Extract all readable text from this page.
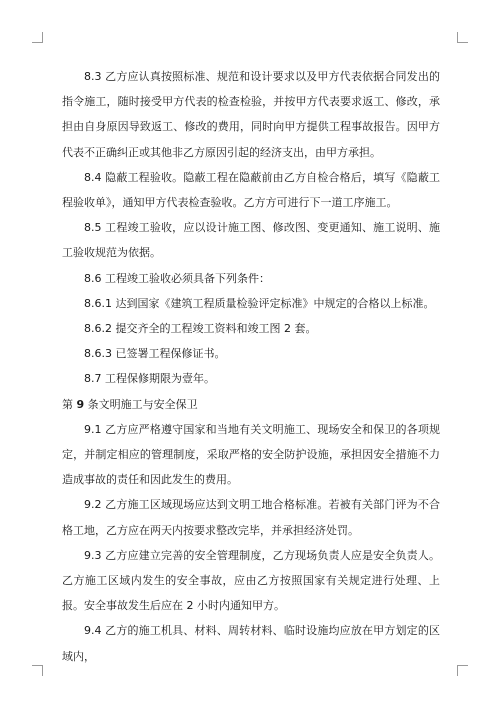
8.3 乙方应认真按照标准、规范和设计要求以及甲方代表依据合同发出的指令施工，随时接受甲方代表的检查检验，并按甲方代表要求返工、修改，承担由自身原因导致返工、修改的费用，同时向甲方提供工程事故报告。因甲方代表不正确纠正或其他非乙方原因引起的经济支出，由甲方承担。

8.4 隐蔽工程验收。隐蔽工程在隐蔽前由乙方自检合格后，填写《隐蔽工程验收单》，通知甲方代表检查验收。乙方方可进行下一道工序施工。

8.5 工程竣工验收，应以设计施工图、修改图、变更通知、施工说明、施工验收规范为依据。

8.6 工程竣工验收必须具备下列条件：

8.6.1 达到国家《建筑工程质量检验评定标准》中规定的合格以上标准。

8.6.2 提交齐全的工程竣工资料和竣工图 2 套。

8.6.3 已签署工程保修证书。

8.7 工程保修期限为壹年。

第 9 条文明施工与安全保卫

9.1 乙方应严格遵守国家和当地有关文明施工、现场安全和保卫的各项规定，并制定相应的管理制度，采取严格的安全防护设施，承担因安全措施不力造成事故的责任和因此发生的费用。

9.2 乙方施工区域现场应达到文明工地合格标准。若被有关部门评为不合格工地，乙方应在两天内按要求整改完毕，并承担经济处罚。

9.3 乙方应建立完善的安全管理制度，乙方现场负责人应是安全负责人。乙方施工区域内发生的安全事故，应由乙方按照国家有关规定进行处理、上报。安全事故发生后应在 2 小时内通知甲方。

9.4 乙方的施工机具、材料、周转材料、临时设施均应放在甲方划定的区域内，
